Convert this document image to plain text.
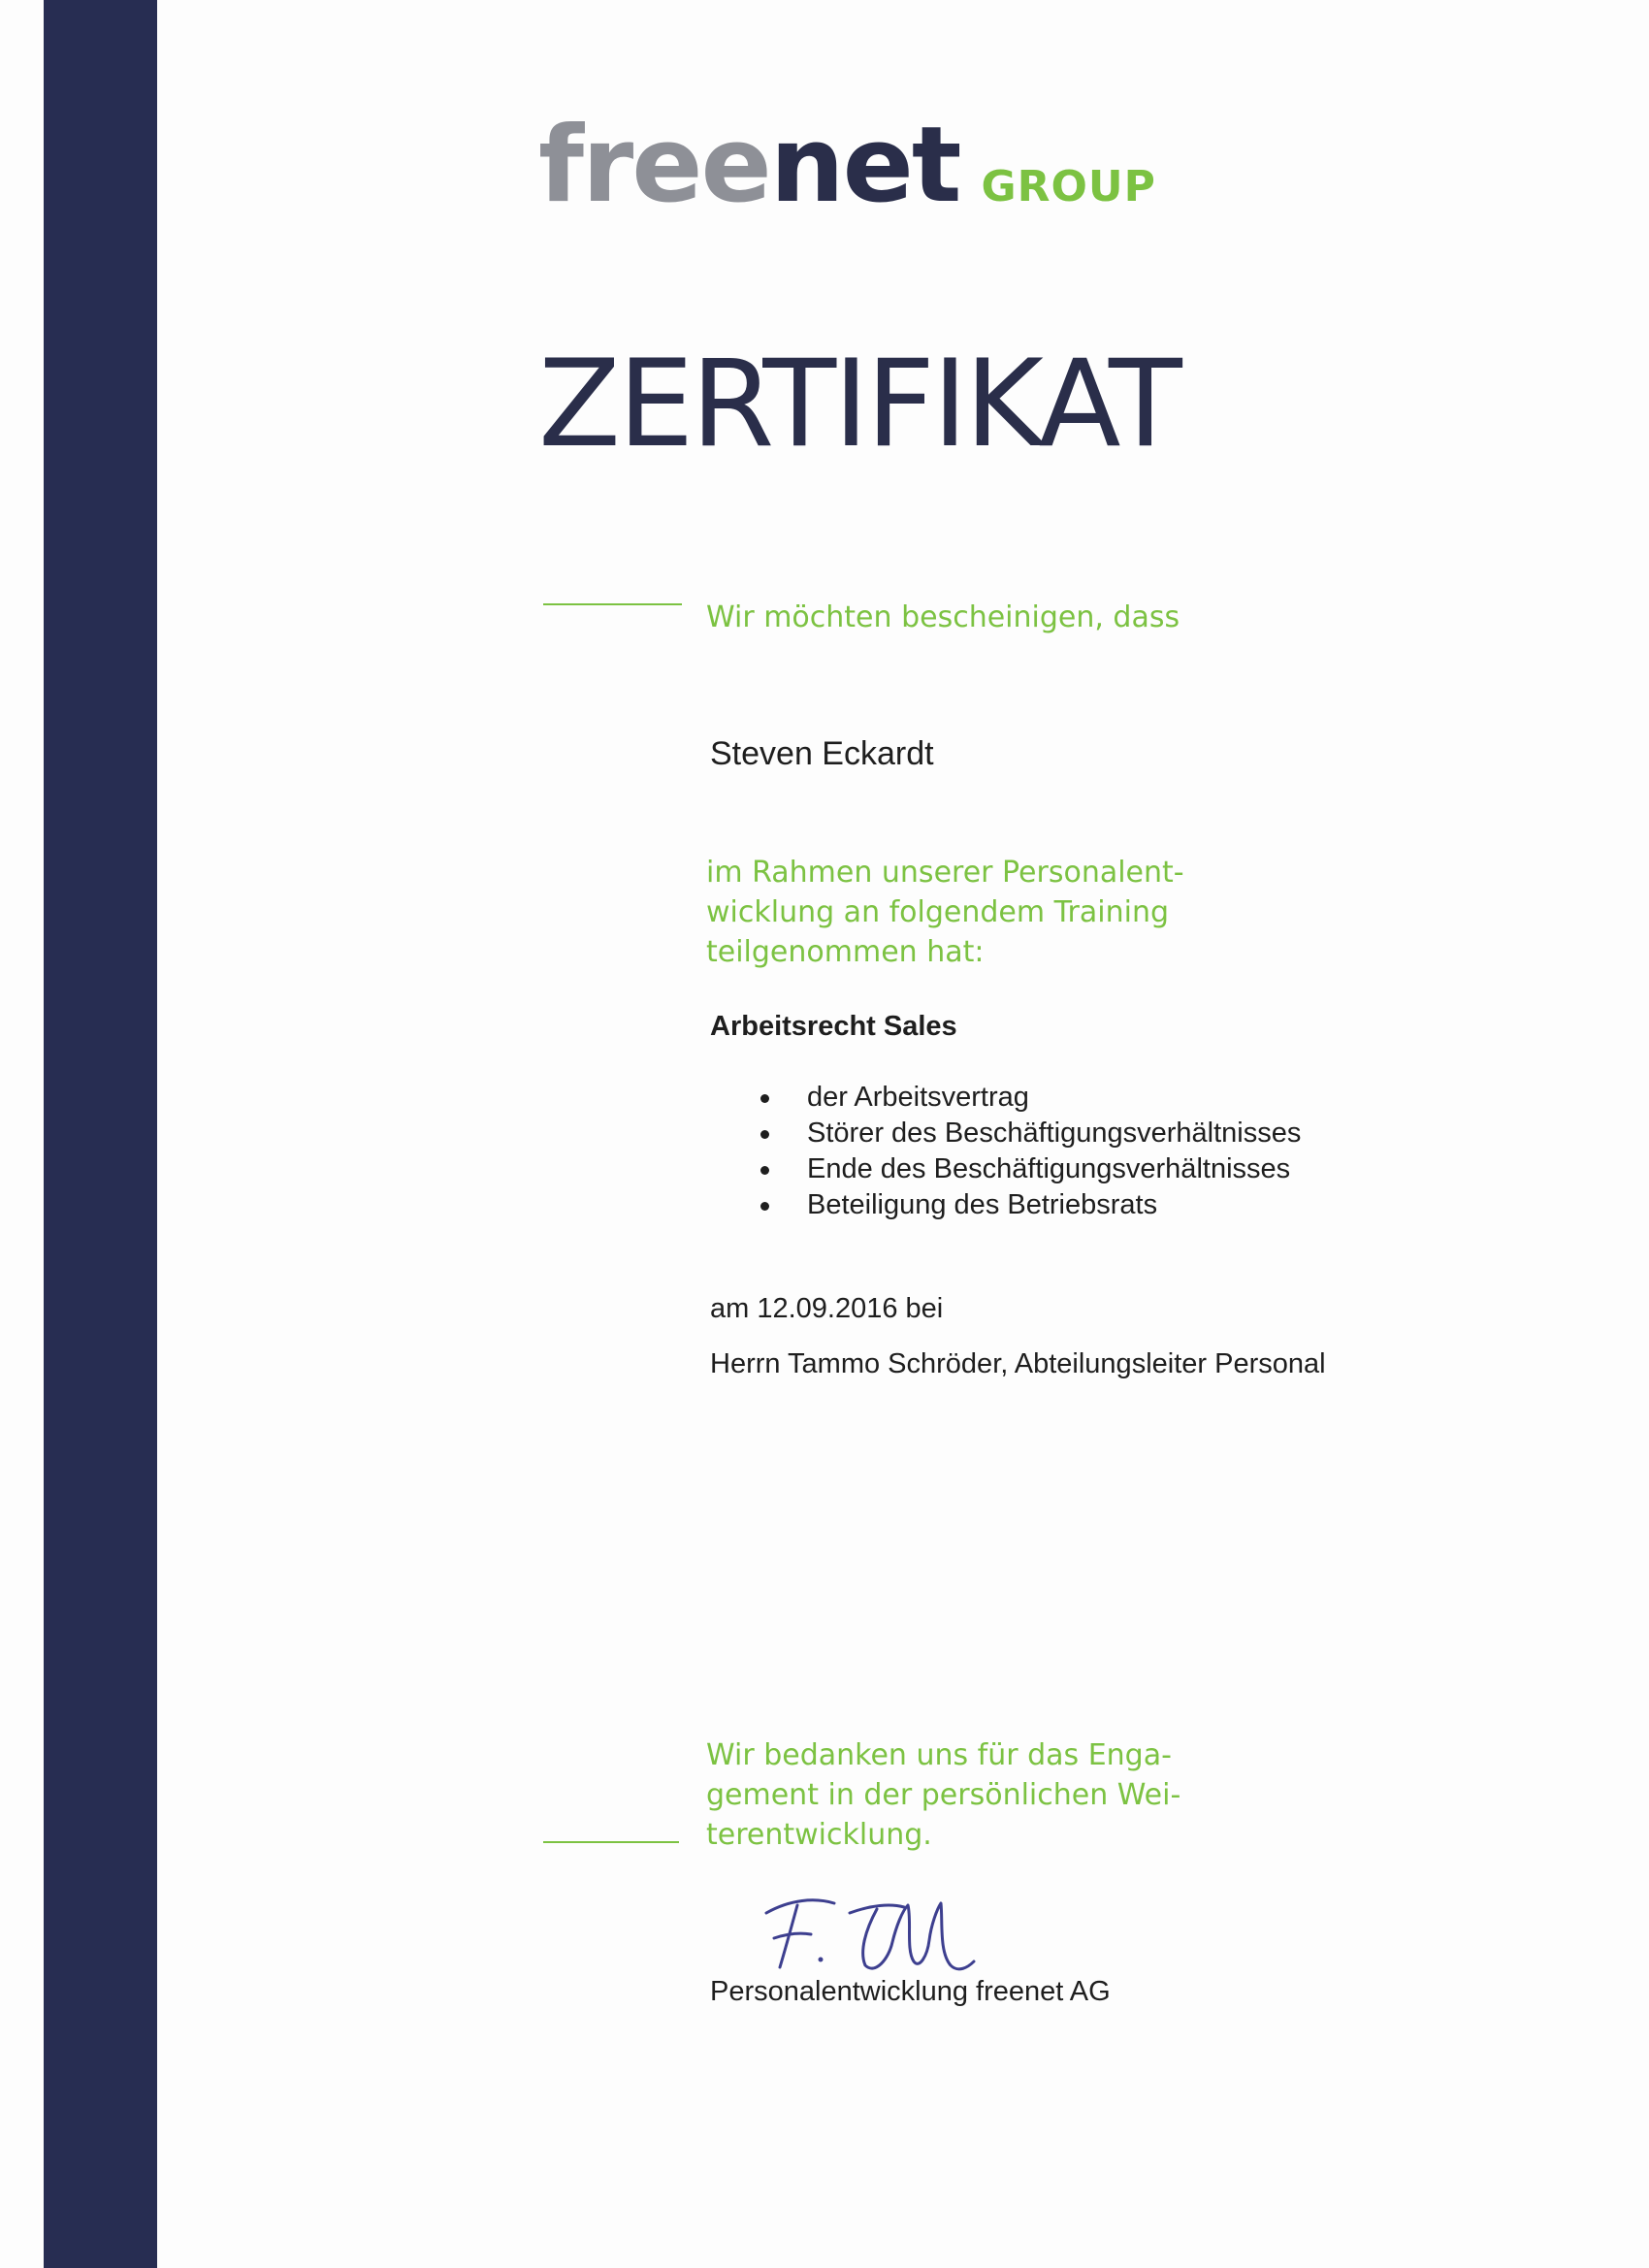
freenet GROUP
ZERTIFIKAT
Wir möchten bescheinigen, dass
Steven Eckardt
im Rahmen unserer Personalent-
wicklung an folgendem Training
teilgenommen hat:
Arbeitsrecht Sales
der Arbeitsvertrag
Störer des Beschäftigungsverhältnisses
Ende des Beschäftigungsverhältnisses
Beteiligung des Betriebsrats
am 12.09.2016 bei
Herrn Tammo Schröder, Abteilungsleiter Personal
Wir bedanken uns für das Enga-
gement in der persönlichen Wei-
terentwicklung.
Personalentwicklung freenet AG
